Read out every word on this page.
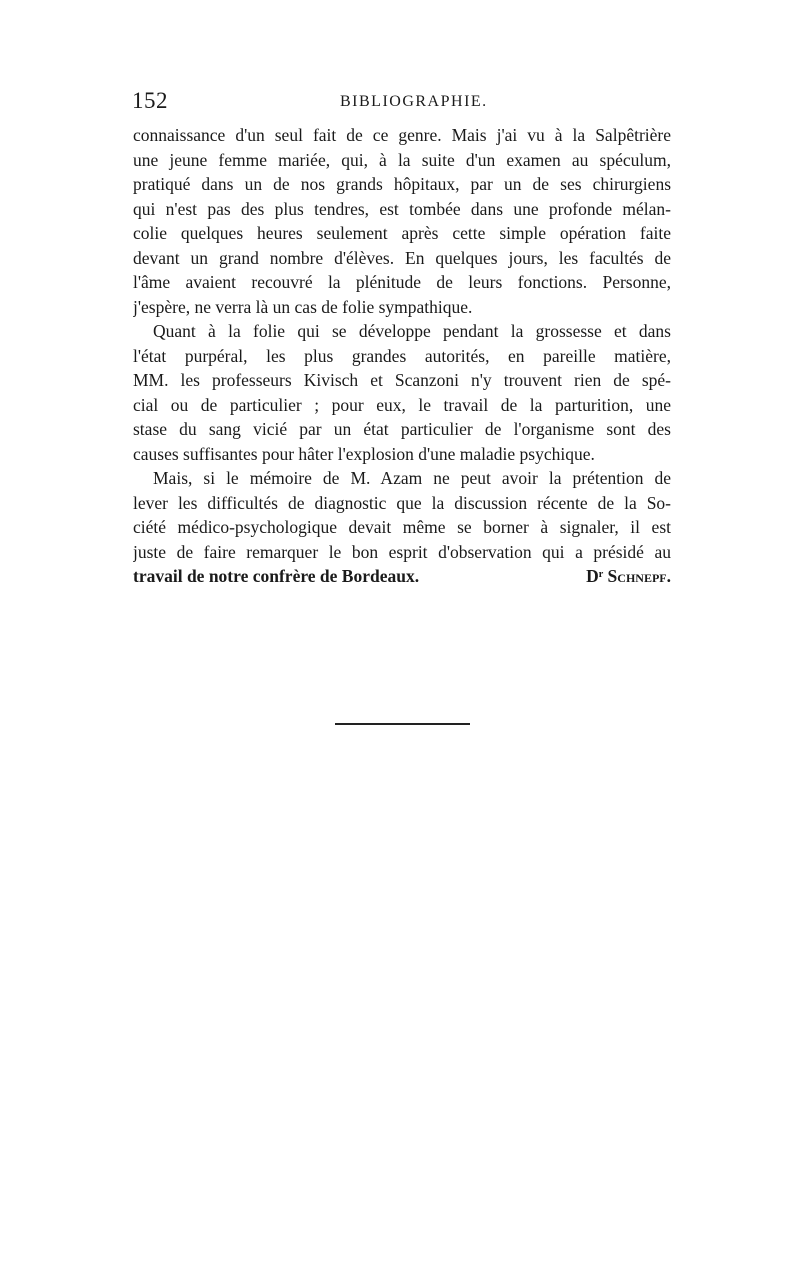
152	BIBLIOGRAPHIE.
connaissance d'un seul fait de ce genre. Mais j'ai vu à la Salpêtrière
une jeune femme mariée, qui, à la suite d'un examen au spéculum,
pratiqué dans un de nos grands hôpitaux, par un de ses chirurgiens
qui n'est pas des plus tendres, est tombée dans une profonde mélan-
colie quelques heures seulement après cette simple opération faite
devant un grand nombre d'élèves. En quelques jours, les facultés de
l'âme avaient recouvré la plénitude de leurs fonctions. Personne,
j'espère, ne verra là un cas de folie sympathique.
Quant à la folie qui se développe pendant la grossesse et dans
l'état purpéral, les plus grandes autorités, en pareille matière,
MM. les professeurs Kivisch et Scanzoni n'y trouvent rien de spé-
cial ou de particulier ; pour eux, le travail de la parturition, une
stase du sang vicié par un état particulier de l'organisme sont des
causes suffisantes pour hâter l'explosion d'une maladie psychique.
Mais, si le mémoire de M. Azam ne peut avoir la prétention de
lever les difficultés de diagnostic que la discussion récente de la So-
ciété médico-psychologique devait même se borner à signaler, il est
juste de faire remarquer le bon esprit d'observation qui a présidé au
travail de notre confrère de Bordeaux.	Dʳ Schnepf.
